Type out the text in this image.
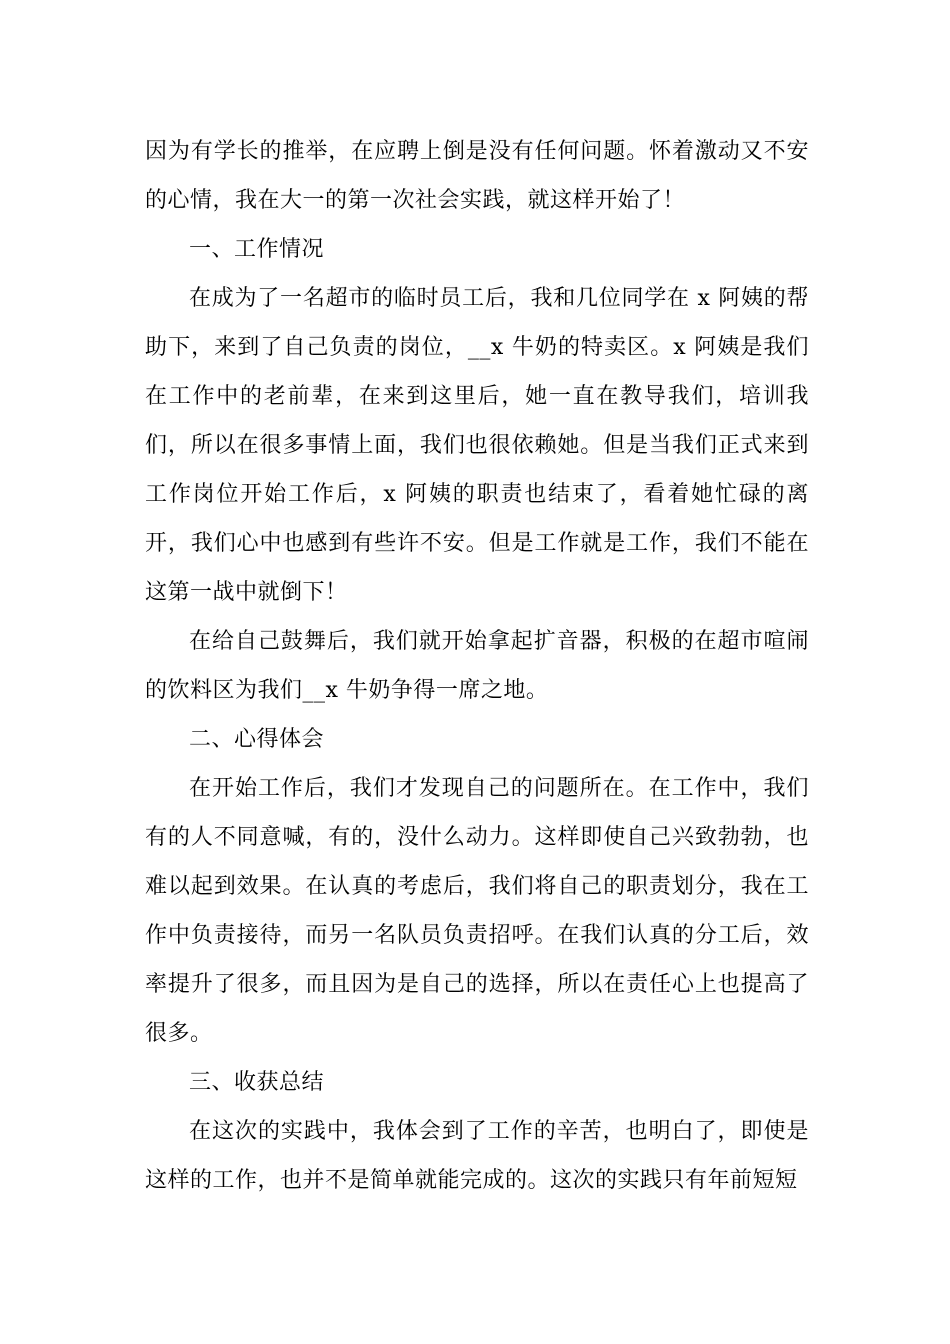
因为有学长的推举，在应聘上倒是没有任何问题。怀着激动又不安的心情，我在大一的第一次社会实践，就这样开始了！

一、工作情况

在成为了一名超市的临时员工后，我和几位同学在 x 阿姨的帮助下，来到了自己负责的岗位，__x 牛奶的特卖区。x 阿姨是我们在工作中的老前辈，在来到这里后，她一直在教导我们，培训我们，所以在很多事情上面，我们也很依赖她。但是当我们正式来到工作岗位开始工作后，x 阿姨的职责也结束了，看着她忙碌的离开，我们心中也感到有些许不安。但是工作就是工作，我们不能在这第一战中就倒下！

在给自己鼓舞后，我们就开始拿起扩音器，积极的在超市喧闹的饮料区为我们__x 牛奶争得一席之地。

二、心得体会

在开始工作后，我们才发现自己的问题所在。在工作中，我们有的人不同意喊，有的，没什么动力。这样即使自己兴致勃勃，也难以起到效果。在认真的考虑后，我们将自己的职责划分，我在工作中负责接待，而另一名队员负责招呼。在我们认真的分工后，效率提升了很多，而且因为是自己的选择，所以在责任心上也提高了很多。

三、收获总结

在这次的实践中，我体会到了工作的辛苦，也明白了，即使是这样的工作，也并不是简单就能完成的。这次的实践只有年前短短
